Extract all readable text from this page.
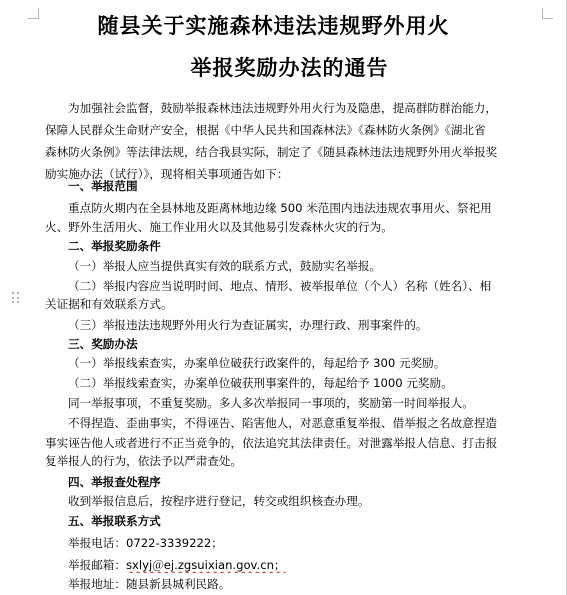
随县关于实施森林违法违规野外用火
举报奖励办法的通告
为加强社会监督，鼓励举报森林违法违规野外用火行为及隐患，提高群防群治能力，
保障人民群众生命财产安全，根据《中华人民共和国森林法》《森林防火条例》《湖北省
森林防火条例》等法律法规，结合我县实际，制定了《随县森林违法违规野外用火举报奖
励实施办法（试行）》，现将相关事项通告如下：
一、举报范围
重点防火期内在全县林地及距离林地边缘 500 米范围内违法违规农事用火、祭祀用
火、野外生活用火、施工作业用火以及其他易引发森林火灾的行为。
二、举报奖励条件
（一）举报人应当提供真实有效的联系方式，鼓励实名举报。
（二）举报内容应当说明时间、地点、情形、被举报单位（个人）名称（姓名）、相
关证据和有效联系方式。
（三）举报违法违规野外用火行为查证属实，办理行政、刑事案件的。
三、奖励办法
（一）举报线索查实，办案单位破获行政案件的，每起给予 300 元奖励。
（二）举报线索查实，办案单位破获刑事案件的，每起给予 1000 元奖励。
同一举报事项，不重复奖励。多人多次举报同一事项的，奖励第一时间举报人。
不得捏造、歪曲事实，不得诬告、陷害他人，对恶意重复举报、借举报之名故意捏造
事实诬告他人或者进行不正当竞争的，依法追究其法律责任。对泄露举报人信息、打击报
复举报人的行为，依法予以严肃查处。
四、举报查处程序
收到举报信息后，按程序进行登记，转交或组织核查办理。
五、举报联系方式
举报电话：0722-3339222；
举报邮箱：sxlyj＠ej.zgsuixian.gov.cn；
举报地址：随县新县城利民路。
